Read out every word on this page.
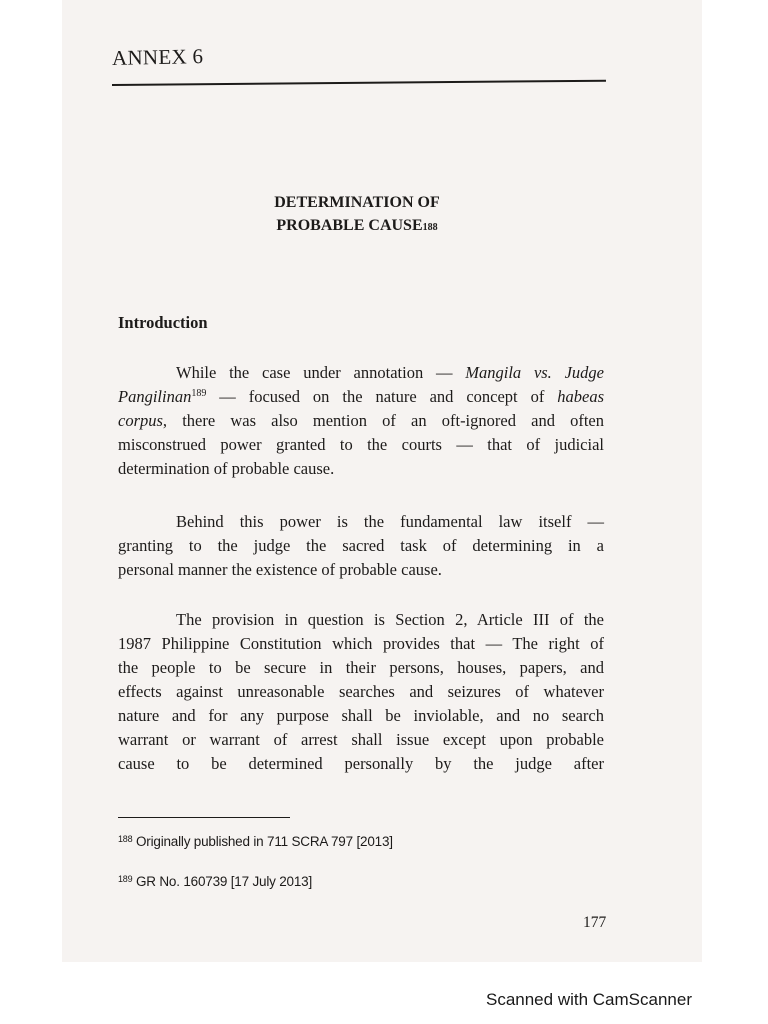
ANNEX 6
DETERMINATION OF
PROBABLE CAUSE188
Introduction
While the case under annotation — Mangila vs. Judge
Pangilinan$^{189}$ — focused on the nature and concept of habeas
corpus, there was also mention of an oft-ignored and often
misconstrued power granted to the courts — that of judicial
determination of probable cause.
Behind this power is the fundamental law itself —
granting to the judge the sacred task of determining in a
personal manner the existence of probable cause.
The provision in question is Section 2, Article III of the
1987 Philippine Constitution which provides that — The right of
the people to be secure in their persons, houses, papers, and
effects against unreasonable searches and seizures of whatever
nature and for any purpose shall be inviolable, and no search
warrant or warrant of arrest shall issue except upon probable
cause to be determined personally by the judge after
$^{188}$ Originally published in 711 SCRA 797 [2013]
$^{189}$ GR No. 160739 [17 July 2013]
177
Scanned with CamScanner
